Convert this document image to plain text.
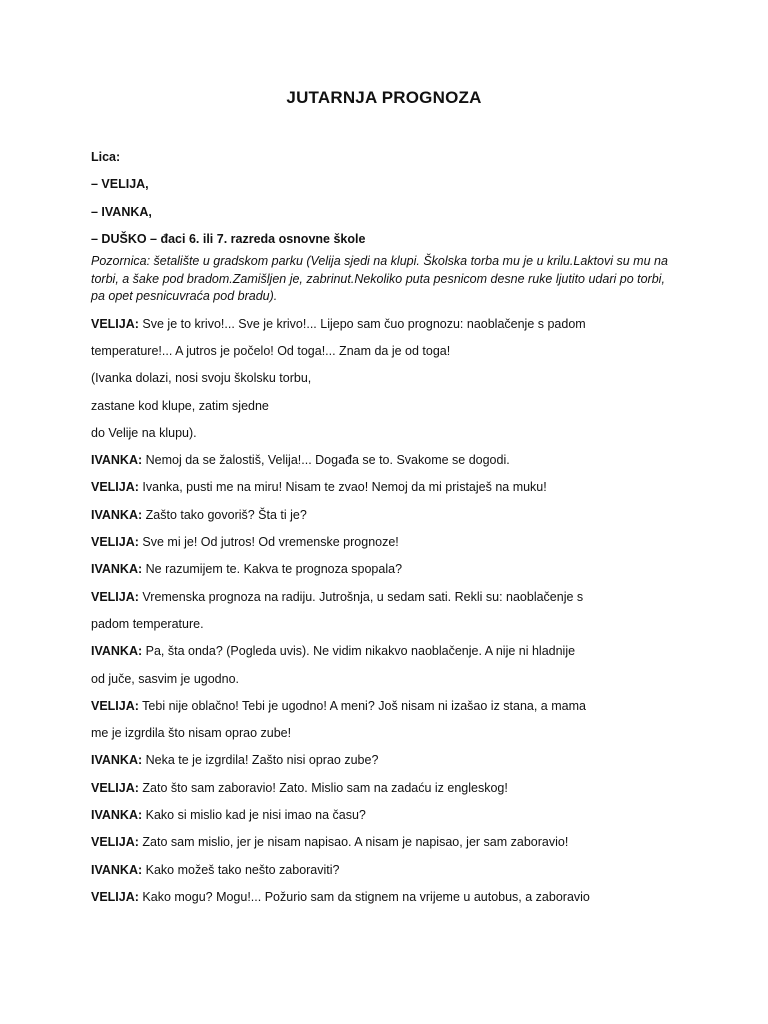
JUTARNJA PROGNOZA
Lica:
– VELIJA,
– IVANKA,
– DUŠKO – đaci 6. ili 7. razreda osnovne škole
Pozornica: šetalište u gradskom parku (Velija sjedi na klupi. Školska torba mu je u krilu.Laktovi su mu na torbi, a šake pod bradom.Zamišljen je, zabrinut.Nekoliko puta pesnicom desne ruke ljutito udari po torbi, pa opet pesnicuvraća pod bradu).
VELIJA: Sve je to krivo!... Sve je krivo!... Lijepo sam čuo prognozu: naoblačenje s padom
temperature!... A jutros je počelo! Od toga!... Znam da je od toga!
(Ivanka dolazi, nosi svoju školsku torbu,
zastane kod klupe, zatim sjedne
do Velije na klupu).
IVANKA: Nemoj da se žalostiš, Velija!... Događa se to. Svakome se dogodi.
VELIJA: Ivanka, pusti me na miru! Nisam te zvao! Nemoj da mi pristaješ na muku!
IVANKA: Zašto tako govoriš? Šta ti je?
VELIJA: Sve mi je! Od jutros! Od vremenske prognoze!
IVANKA: Ne razumijem te. Kakva te prognoza spopala?
VELIJA: Vremenska prognoza na radiju. Jutrošnja, u sedam sati. Rekli su: naoblačenje s
padom temperature.
IVANKA: Pa, šta onda? (Pogleda uvis). Ne vidim nikakvo naoblačenje. A nije ni hladnije
od juče, sasvim je ugodno.
VELIJA: Tebi nije oblačno! Tebi je ugodno! A meni? Još nisam ni izašao iz stana, a mama
me je izgrdila što nisam oprao zube!
IVANKA: Neka te je izgrdila! Zašto nisi oprao zube?
VELIJA: Zato što sam zaboravio! Zato. Mislio sam na zadaću iz engleskog!
IVANKA: Kako si mislio kad je nisi imao na času?
VELIJA: Zato sam mislio, jer je nisam napisao. A nisam je napisao, jer sam zaboravio!
IVANKA: Kako možeš tako nešto zaboraviti?
VELIJA: Kako mogu? Mogu!... Požurio sam da stignem na vrijeme u autobus, a zaboravio
